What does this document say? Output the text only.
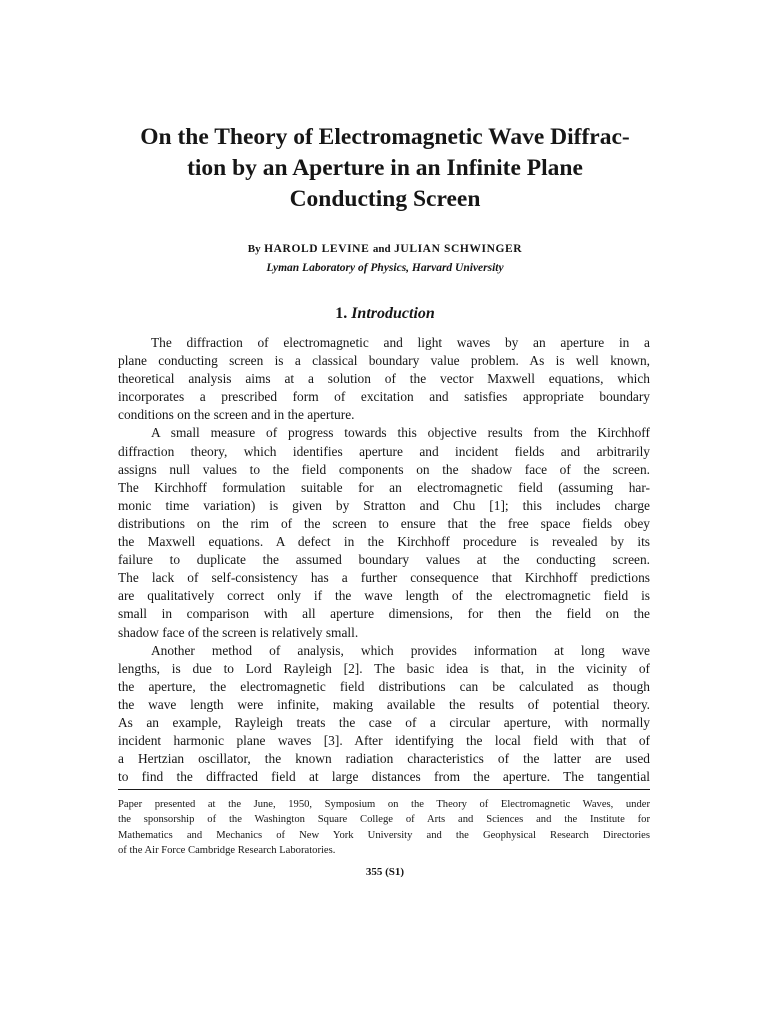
On the Theory of Electromagnetic Wave Diffrac-
tion by an Aperture in an Infinite Plane
Conducting Screen
By HAROLD LEVINE and JULIAN SCHWINGER
Lyman Laboratory of Physics, Harvard University
1. Introduction
The diffraction of electromagnetic and light waves by an aperture in a
plane conducting screen is a classical boundary value problem. As is well known,
theoretical analysis aims at a solution of the vector Maxwell equations, which
incorporates a prescribed form of excitation and satisfies appropriate boundary
conditions on the screen and in the aperture.
A small measure of progress towards this objective results from the Kirchhoff
diffraction theory, which identifies aperture and incident fields and arbitrarily
assigns null values to the field components on the shadow face of the screen.
The Kirchhoff formulation suitable for an electromagnetic field (assuming har-
monic time variation) is given by Stratton and Chu [1]; this includes charge
distributions on the rim of the screen to ensure that the free space fields obey
the Maxwell equations. A defect in the Kirchhoff procedure is revealed by its
failure to duplicate the assumed boundary values at the conducting screen.
The lack of self-consistency has a further consequence that Kirchhoff predictions
are qualitatively correct only if the wave length of the electromagnetic field is
small in comparison with all aperture dimensions, for then the field on the
shadow face of the screen is relatively small.
Another method of analysis, which provides information at long wave
lengths, is due to Lord Rayleigh [2]. The basic idea is that, in the vicinity of
the aperture, the electromagnetic field distributions can be calculated as though
the wave length were infinite, making available the results of potential theory.
As an example, Rayleigh treats the case of a circular aperture, with normally
incident harmonic plane waves [3]. After identifying the local field with that of
a Hertzian oscillator, the known radiation characteristics of the latter are used
to find the diffracted field at large distances from the aperture. The tangential
Paper presented at the June, 1950, Symposium on the Theory of Electromagnetic Waves, under
the sponsorship of the Washington Square College of Arts and Sciences and the Institute for
Mathematics and Mechanics of New York University and the Geophysical Research Directories
of the Air Force Cambridge Research Laboratories.
355 (S1)
